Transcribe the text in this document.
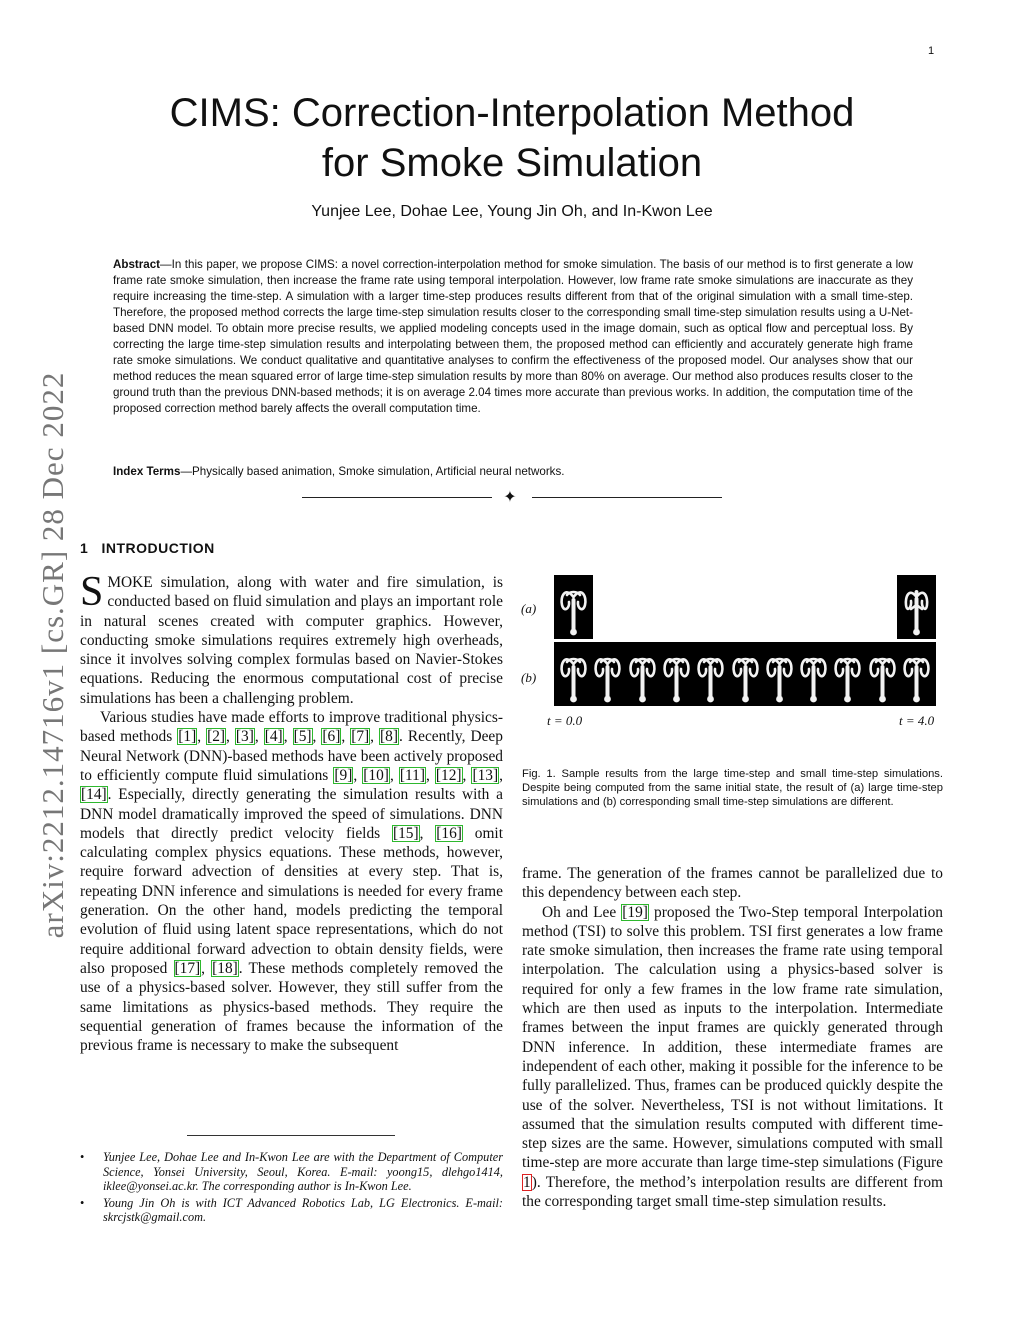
1
arXiv:2212.14716v1 [cs.GR] 28 Dec 2022
CIMS: Correction-Interpolation Method
for Smoke Simulation
Yunjee Lee, Dohae Lee, Young Jin Oh, and In-Kwon Lee
Abstract—In this paper, we propose CIMS: a novel correction-interpolation method for smoke simulation. The basis of our method is to first generate a low frame rate smoke simulation, then increase the frame rate using temporal interpolation. However, low frame rate smoke simulations are inaccurate as they require increasing the time-step. A simulation with a larger time-step produces results different from that of the original simulation with a small time-step. Therefore, the proposed method corrects the large time-step simulation results closer to the corresponding small time-step simulation results using a U-Net-based DNN model. To obtain more precise results, we applied modeling concepts used in the image domain, such as optical flow and perceptual loss. By correcting the large time-step simulation results and interpolating between them, the proposed method can efficiently and accurately generate high frame rate smoke simulations. We conduct qualitative and quantitative analyses to confirm the effectiveness of the proposed model. Our analyses show that our method reduces the mean squared error of large time-step simulation results by more than 80% on average. Our method also produces results closer to the ground truth than the previous DNN-based methods; it is on average 2.04 times more accurate than previous works. In addition, the computation time of the proposed correction method barely affects the overall computation time.
Index Terms—Physically based animation, Smoke simulation, Artificial neural networks.
✦
1 INTRODUCTION

SMOKE simulation, along with water and fire simulation, is conducted based on fluid simulation and plays an important role in natural scenes created with computer graphics. However, conducting smoke simulations requires extremely high overheads, since it involves solving complex formulas based on Navier-Stokes equations. Reducing the enormous computational cost of precise simulations has been a challenging problem.

Various studies have made efforts to improve traditional physics-based methods [1], [2], [3], [4], [5], [6], [7], [8]. Recently, Deep Neural Network (DNN)-based methods have been actively proposed to efficiently compute fluid simulations [9], [10], [11], [12], [13], [14]. Especially, directly generating the simulation results with a DNN model dramatically improved the speed of simulations. DNN models that directly predict velocity fields [15], [16] omit calculating complex physics equations. These methods, however, require forward advection of densities at every step. That is, repeating DNN inference and simulations is needed for every frame generation. On the other hand, models predicting the temporal evolution of fluid using latent space representations, which do not require additional forward advection to obtain density fields, were also proposed [17], [18]. These methods completely removed the use of a physics-based solver. However, they still suffer from the same limitations as physics-based methods. They require the sequential generation of frames because the information of the previous frame is necessary to make the subsequent

• Yunjee Lee, Dohae Lee and In-Kwon Lee are with the Department of Computer Science, Yonsei University, Seoul, Korea. E-mail: yoong15, dlehgo1414, iklee@yonsei.ac.kr. The corresponding author is In-Kwon Lee.
• Young Jin Oh is with ICT Advanced Robotics Lab, LG Electronics. E-mail: skrcjstk@gmail.com.
(a)
(b)
t = 0.0	t = 4.0
Fig. 1. Sample results from the large time-step and small time-step simulations. Despite being computed from the same initial state, the result of (a) large time-step simulations and (b) corresponding small time-step simulations are different.

frame. The generation of the frames cannot be parallelized due to this dependency between each step.

Oh and Lee [19] proposed the Two-Step temporal Interpolation method (TSI) to solve this problem. TSI first generates a low frame rate smoke simulation, then increases the frame rate using temporal interpolation. The calculation using a physics-based solver is required for only a few frames in the low frame rate simulation, which are then used as inputs to the interpolation. Intermediate frames between the input frames are quickly generated through DNN inference. In addition, these intermediate frames are independent of each other, making it possible for the inference to be fully parallelized. Thus, frames can be produced quickly despite the use of the solver. Nevertheless, TSI is not without limitations. It assumed that the simulation results computed with different time-step sizes are the same. However, simulations computed with small time-step are more accurate than large time-step simulations (Figure 1). Therefore, the method’s interpolation results are different from the corresponding target small time-step simulation results.
